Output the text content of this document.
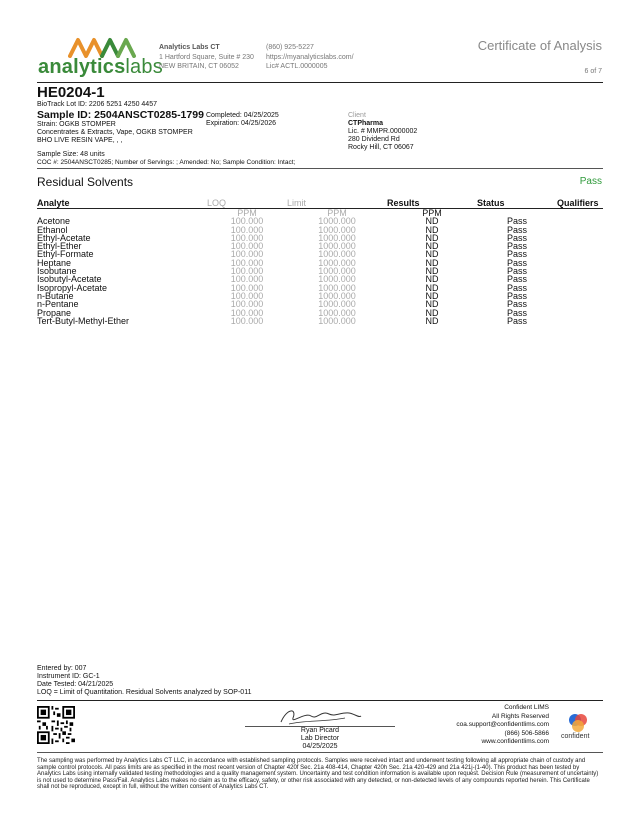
analyticslabs
Analytics Labs CT
1 Hartford Square, Suite # 230
NEW BRITAIN, CT 06052
(860) 925-5227
https://myanalyticslabs.com/
Lic# ACTL.0000005
Certificate of Analysis
6 of 7
HE0204-1
BioTrack Lot ID: 2206 5251 4250 4457
Sample ID: 2504ANSCT0285-1799
Strain: OGKB STOMPER
Concentrates & Extracts, Vape, OGKB STOMPER
BHO LIVE RESIN VAPE, , ,
Completed: 04/25/2025
Expiration: 04/25/2026
Sample Size: 48 units
COC #: 2504ANSCT0285; Number of Servings: ; Amended: No; Sample Condition: Intact;
Client
CTPharma
Lic. # MMPR.0000002
280 Dividend Rd
Rocky Hill, CT 06067
Residual Solvents	Pass
Analyte	LOQ	Limit	Results	Status	Qualifiers
	PPM	PPM	PPM		
Acetone	100.000	1000.000	ND	Pass	
Ethanol	100.000	1000.000	ND	Pass	
Ethyl-Acetate	100.000	1000.000	ND	Pass	
Ethyl-Ether	100.000	1000.000	ND	Pass	
Ethyl-Formate	100.000	1000.000	ND	Pass	
Heptane	100.000	1000.000	ND	Pass	
Isobutane	100.000	1000.000	ND	Pass	
Isobutyl-Acetate	100.000	1000.000	ND	Pass	
Isopropyl-Acetate	100.000	1000.000	ND	Pass	
n-Butane	100.000	1000.000	ND	Pass	
n-Pentane	100.000	1000.000	ND	Pass	
Propane	100.000	1000.000	ND	Pass	
Tert-Butyl-Methyl-Ether	100.000	1000.000	ND	Pass	
Entered by: 007
Instrument ID: GC-1
Date Tested: 04/21/2025
LOQ = Limit of Quantitation. Residual Solvents analyzed by SOP-011
Ryan Picard
Lab Director
04/25/2025
Confident LIMS
All Rights Reserved
coa.support@confidentlims.com
(866) 506-5866
www.confidentlims.com
confident
The sampling was performed by Analytics Labs CT LLC, in accordance with established sampling protocols. Samples were received intact and underwent testing following all appropriate chain of custody and sample control protocols. All pass limits are as specified in the most recent version of Chapter 420f Sec. 21a 408-414, Chapter 420h Sec. 21a 420-429 and 21a 421j-(1-40). This product has been tested by Analytics Labs using internally validated testing methodologies and a quality management system. Uncertainty and test condition information is available upon request. Decision Rule (measurement of uncertainty) is not used to determine Pass/Fail. Analytics Labs makes no claim as to the efficacy, safety, or other risk associated with any detected, or non-detected levels of any compounds reported herein. This Certificate shall not be reproduced, except in full, without the written consent of Analytics Labs CT.
